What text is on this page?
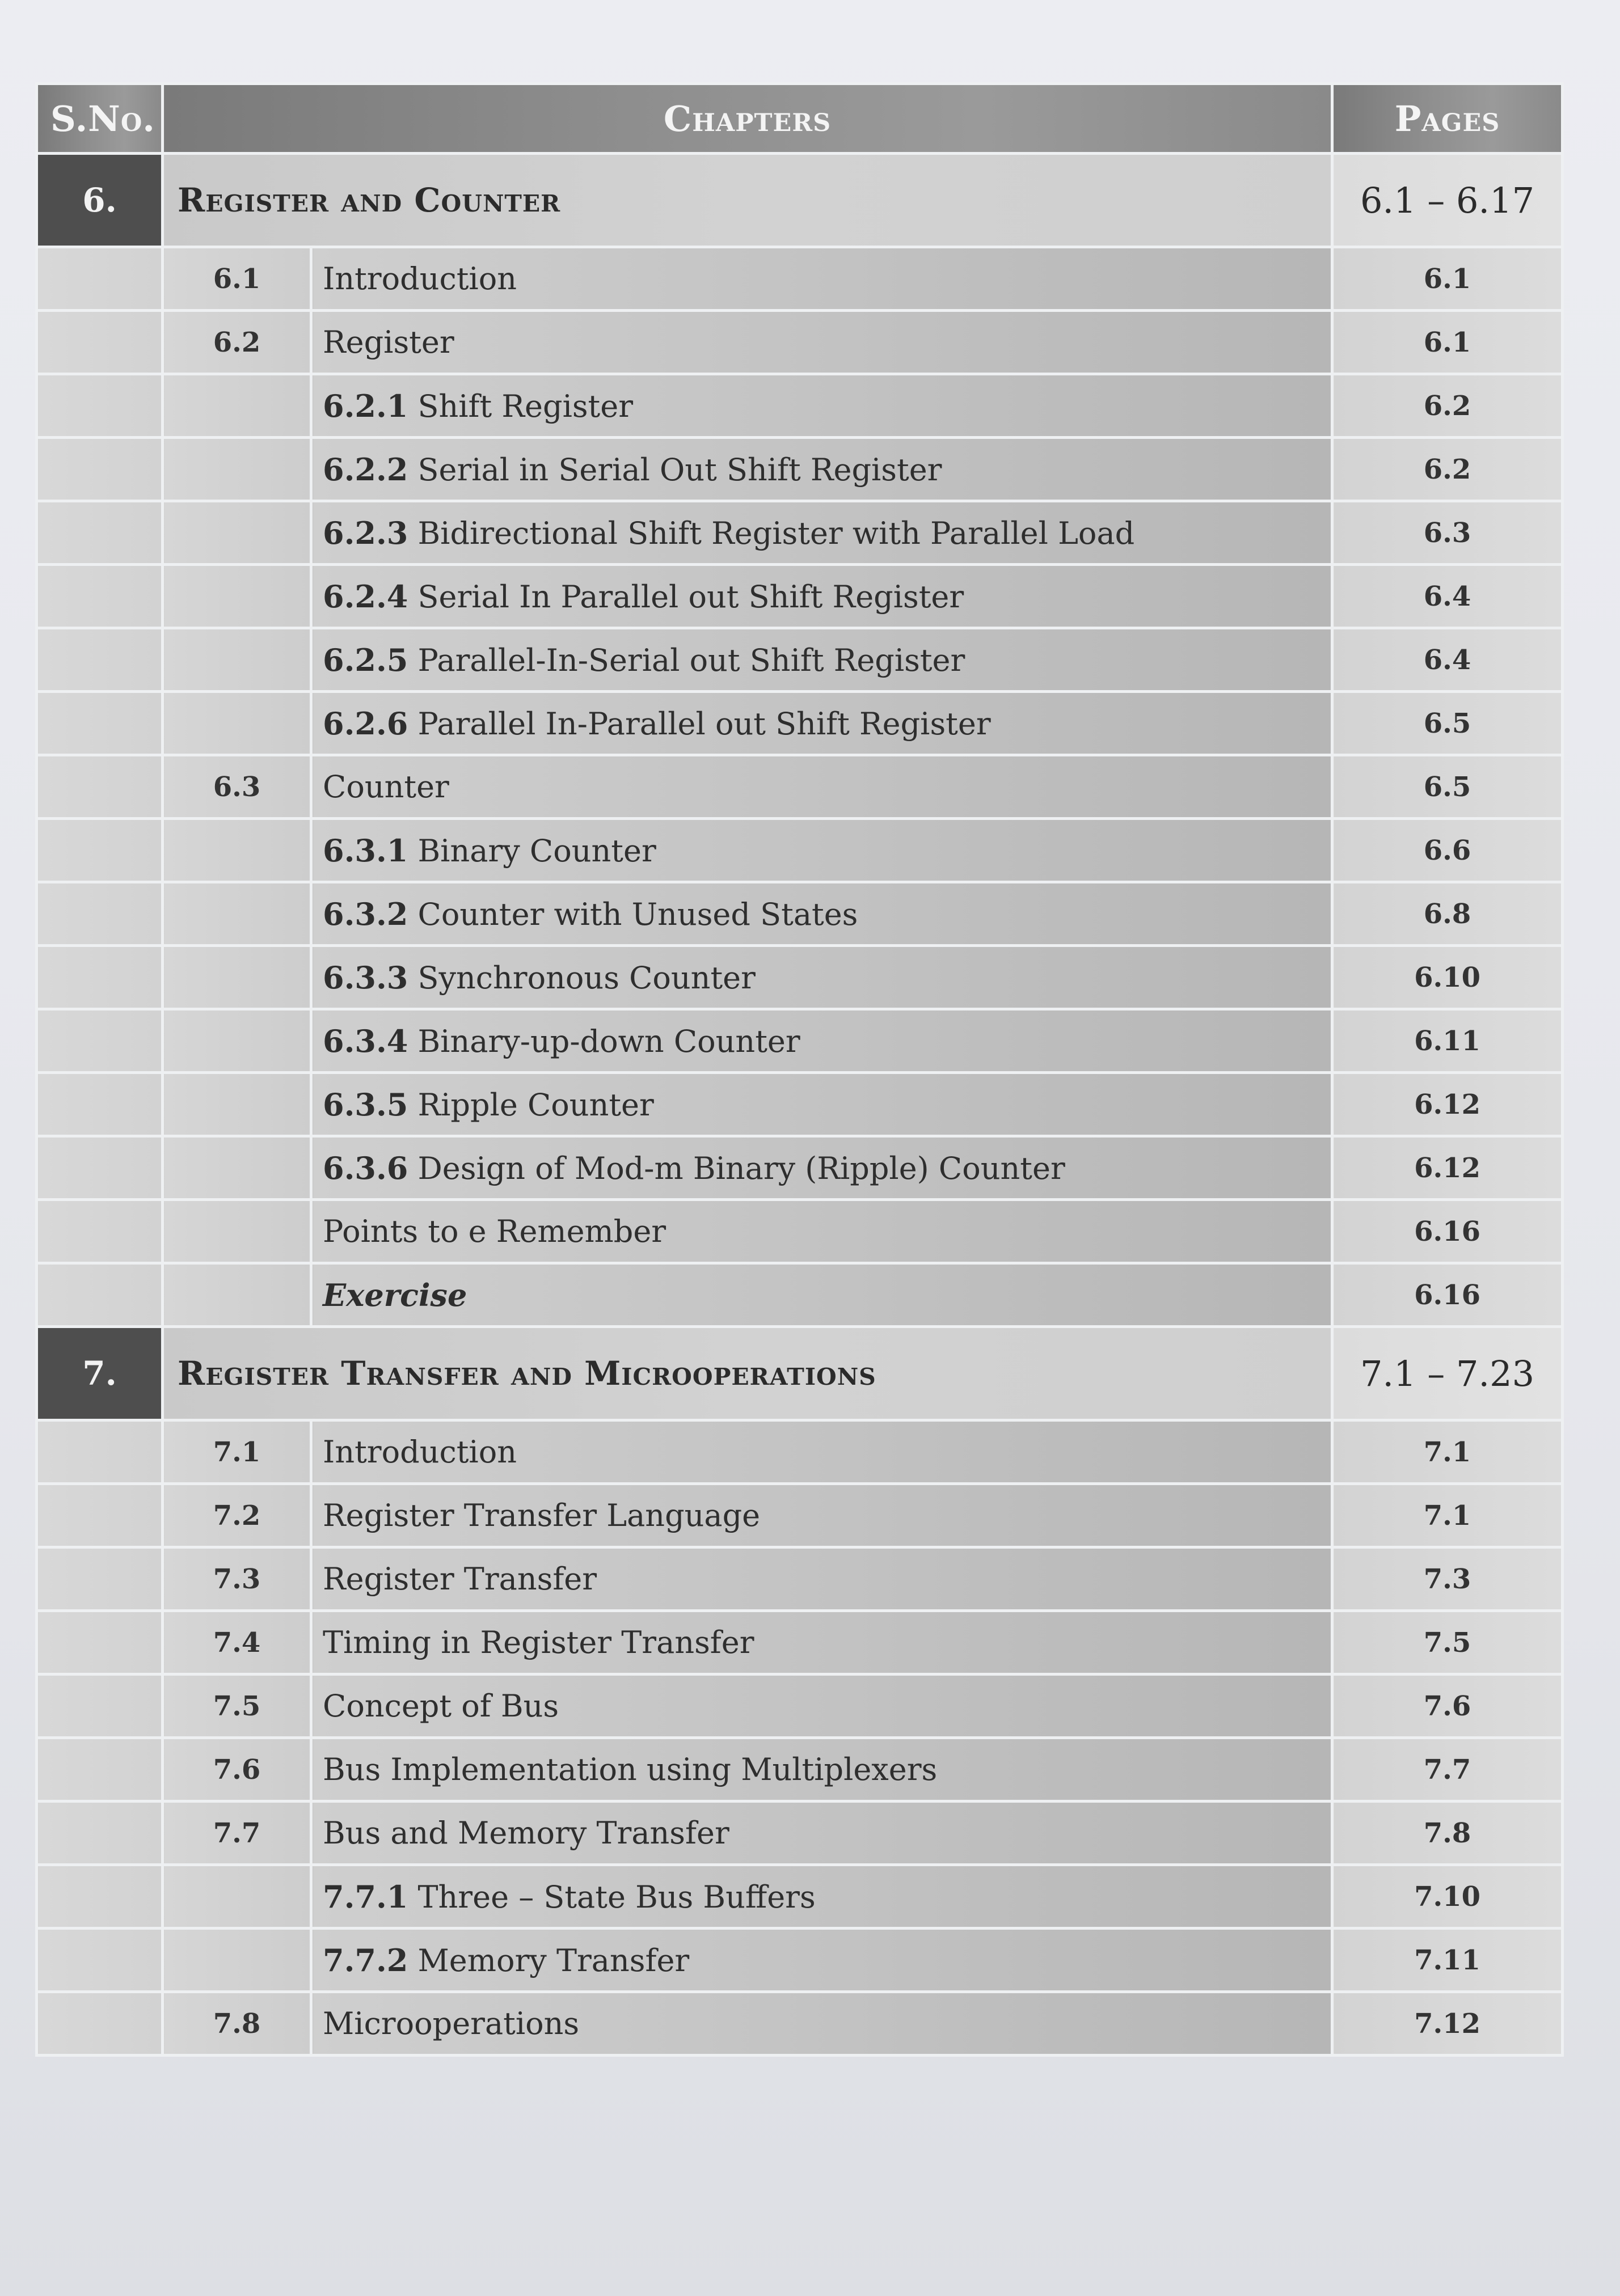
S.No.	Chapters		Pages
6.	Register and Counter		6.1 – 6.17
	6.1	Introduction	6.1
	6.2	Register	6.1
		6.2.1 Shift Register	6.2
		6.2.2 Serial in Serial Out Shift Register	6.2
		6.2.3 Bidirectional Shift Register with Parallel Load	6.3
		6.2.4 Serial In Parallel out Shift Register	6.4
		6.2.5 Parallel-In-Serial out Shift Register	6.4
		6.2.6 Parallel In-Parallel out Shift Register	6.5
	6.3	Counter	6.5
		6.3.1 Binary Counter	6.6
		6.3.2 Counter with Unused States	6.8
		6.3.3 Synchronous Counter	6.10
		6.3.4 Binary-up-down Counter	6.11
		6.3.5 Ripple Counter	6.12
		6.3.6 Design of Mod-m Binary (Ripple) Counter	6.12
		Points to e Remember	6.16
		Exercise	6.16
7.	Register Transfer and Microoperations		7.1 – 7.23
	7.1	Introduction	7.1
	7.2	Register Transfer Language	7.1
	7.3	Register Transfer	7.3
	7.4	Timing in Register Transfer	7.5
	7.5	Concept of Bus	7.6
	7.6	Bus Implementation using Multiplexers	7.7
	7.7	Bus and Memory Transfer	7.8
		7.7.1 Three – State Bus Buffers	7.10
		7.7.2 Memory Transfer	7.11
	7.8	Microoperations	7.12
